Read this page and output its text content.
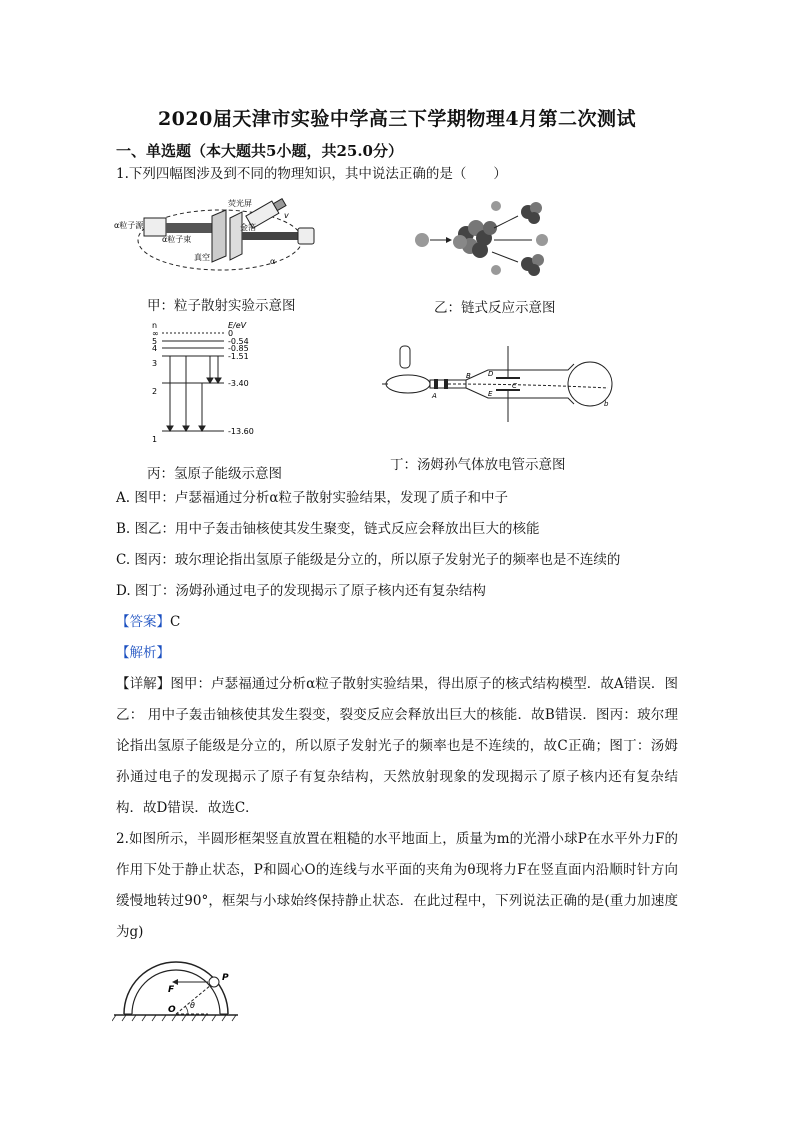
2020届天津市实验中学高三下学期物理4月第二次测试
一、单选题（本大题共5小题，共25.0分）
1.下列四幅图涉及到不同的物理知识，其中说法正确的是（　　）
α粒子源
α粒子束
真空
荧光屏
金箔
α
v
甲：粒子散射实验示意图	乙：链式反应示意图
n	E/eV
∞
5
4
3
2
1
0
-0.54
-0.85
-1.51
-3.40
-13.60
丙：氢原子能级示意图
A
B D
E
C
b
丁：汤姆孙气体放电管示意图
A. 图甲：卢瑟福通过分析α粒子散射实验结果，发现了质子和中子
B. 图乙：用中子轰击铀核使其发生聚变，链式反应会释放出巨大的核能
C. 图丙：玻尔理论指出氢原子能级是分立的，所以原子发射光子的频率也是不连续的
D. 图丁：汤姆孙通过电子的发现揭示了原子核内还有复杂结构
【答案】C
【解析】
【详解】图甲：卢瑟福通过分析α粒子散射实验结果，得出原子的核式结构模型．故A错误．图乙： 用中子轰击铀核使其发生裂变，裂变反应会释放出巨大的核能．故B错误．图丙：玻尔理论指出氢原子能级是分立的，所以原子发射光子的频率也是不连续的，故C正确；图丁：汤姆孙通过电子的发现揭示了原子有复杂结构，天然放射现象的发现揭示了原子核内还有复杂结构．故D错误．故选C．
2.如图所示，半圆形框架竖直放置在粗糙的水平地面上，质量为m的光滑小球P在水平外力F的作用下处于静止状态，P和圆心O的连线与水平面的夹角为θ现将力F在竖直面内沿顺时针方向缓慢地转过90°，框架与小球始终保持静止状态．在此过程中，下列说法正确的是(重力加速度为g)
F
P
O θ
